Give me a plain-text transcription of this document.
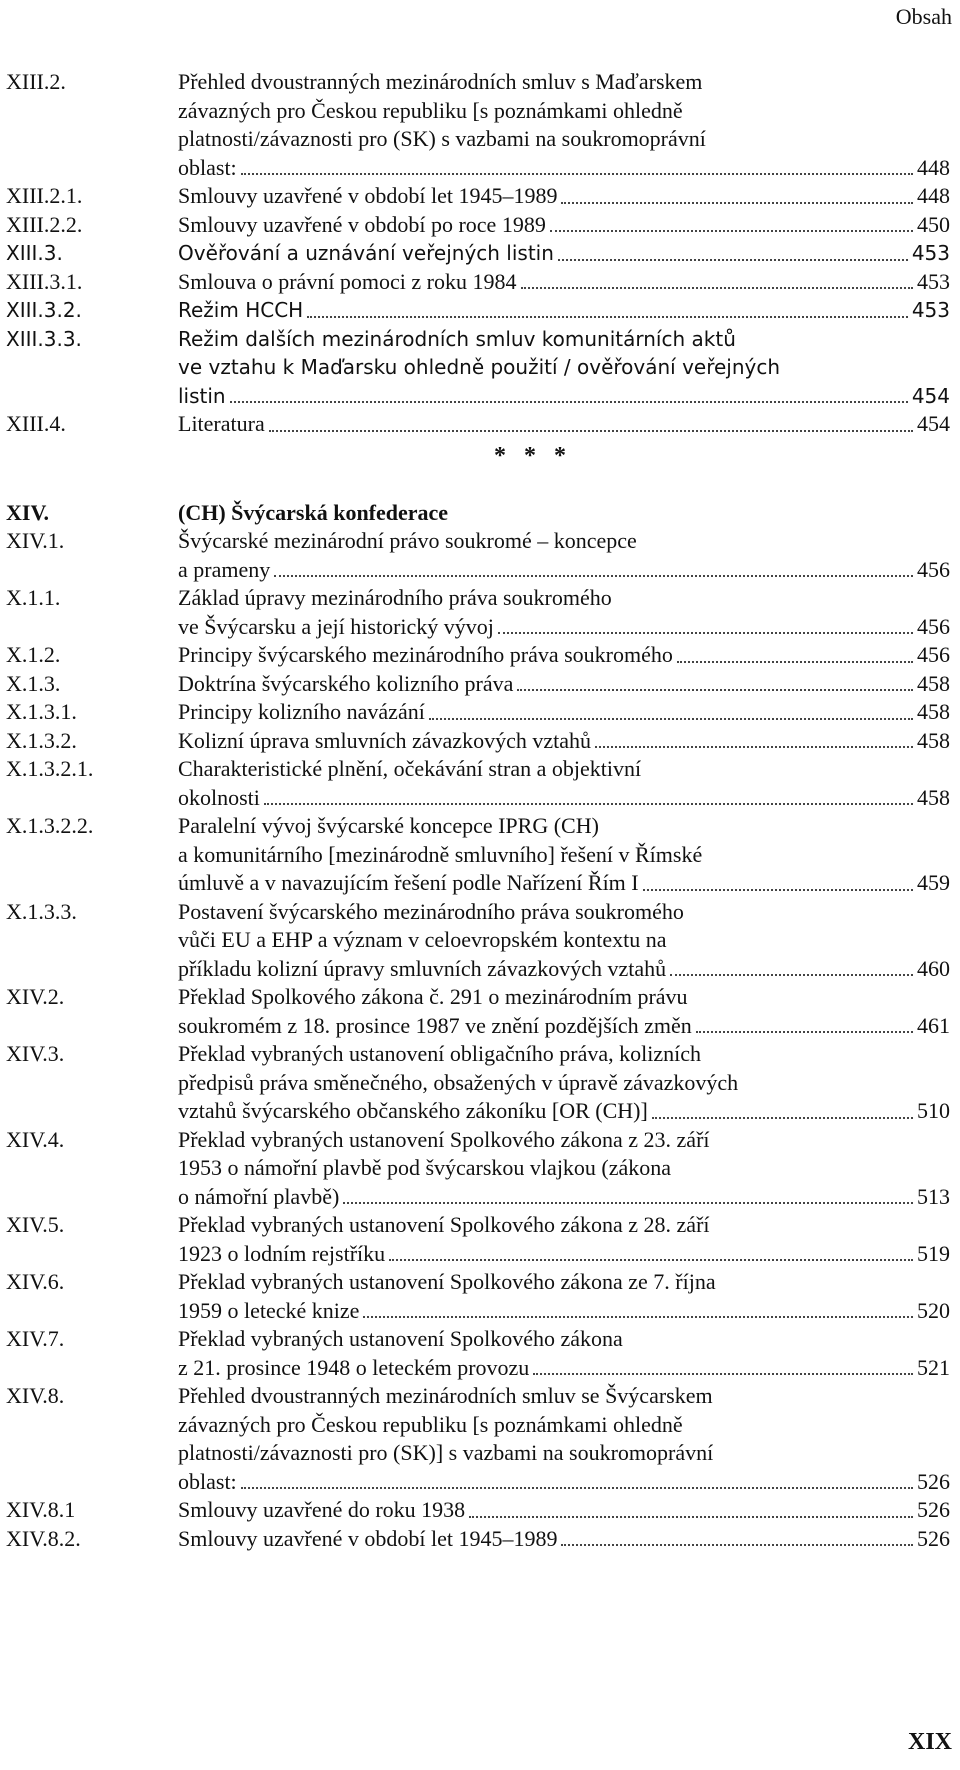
Obsah
XIII.2.	Přehled dvoustranných mezinárodních smluv s Maďarskem
závazných pro Českou republiku [s poznámkami ohledně
platnosti/závaznosti pro (SK) s vazbami na soukromoprávní
oblast:	448
XIII.2.1.	Smlouvy uzavřené v období let 1945–1989	448
XIII.2.2.	Smlouvy uzavřené v období po roce 1989	450
XIII.3.	Ověřování a uznávání veřejných listin	453
XIII.3.1.	Smlouva o právní pomoci z roku 1984	453
XIII.3.2.	Režim HCCH	453
XIII.3.3.	Režim dalších mezinárodních smluv komunitárních aktů
ve vztahu k Maďarsku ohledně použití / ověřování veřejných
listin	454
XIII.4.	Literatura	454
* * *
XIV.	(CH) Švýcarská konfederace
XIV.1.	Švýcarské mezinárodní právo soukromé – koncepce
a prameny	456
X.1.1.	Základ úpravy mezinárodního práva soukromého
ve Švýcarsku a její historický vývoj	456
X.1.2.	Principy švýcarského mezinárodního práva soukromého	456
X.1.3.	Doktrína švýcarského kolizního práva	458
X.1.3.1.	Principy kolizního navázání	458
X.1.3.2.	Kolizní úprava smluvních závazkových vztahů	458
X.1.3.2.1.	Charakteristické plnění, očekávání stran a objektivní
okolnosti	458
X.1.3.2.2.	Paralelní vývoj švýcarské koncepce IPRG (CH)
a komunitárního [mezinárodně smluvního] řešení v Římské
úmluvě a v navazujícím řešení podle Nařízení Řím I	459
X.1.3.3.	Postavení švýcarského mezinárodního práva soukromého
vůči EU a EHP a význam v celoevropském kontextu na
příkladu kolizní úpravy smluvních závazkových vztahů	460
XIV.2.	Překlad Spolkového zákona č. 291 o mezinárodním právu
soukromém z 18. prosince 1987 ve znění pozdějších změn	461
XIV.3.	Překlad vybraných ustanovení obligačního práva, kolizních
předpisů práva směnečného, obsažených v úpravě závazkových
vztahů švýcarského občanského zákoníku [OR (CH)]	510
XIV.4.	Překlad vybraných ustanovení Spolkového zákona z 23. září
1953 o námořní plavbě pod švýcarskou vlajkou (zákona
o námořní plavbě)	513
XIV.5.	Překlad vybraných ustanovení Spolkového zákona z 28. září
1923 o lodním rejstříku	519
XIV.6.	Překlad vybraných ustanovení Spolkového zákona ze 7. října
1959 o letecké knize	520
XIV.7.	Překlad vybraných ustanovení Spolkového zákona
z 21. prosince 1948 o leteckém provozu	521
XIV.8.	Přehled dvoustranných mezinárodních smluv se Švýcarskem
závazných pro Českou republiku [s poznámkami ohledně
platnosti/závaznosti pro (SK)] s vazbami na soukromoprávní
oblast:	526
XIV.8.1	Smlouvy uzavřené do roku 1938	526
XIV.8.2.	Smlouvy uzavřené v období let 1945–1989	526
XIX
